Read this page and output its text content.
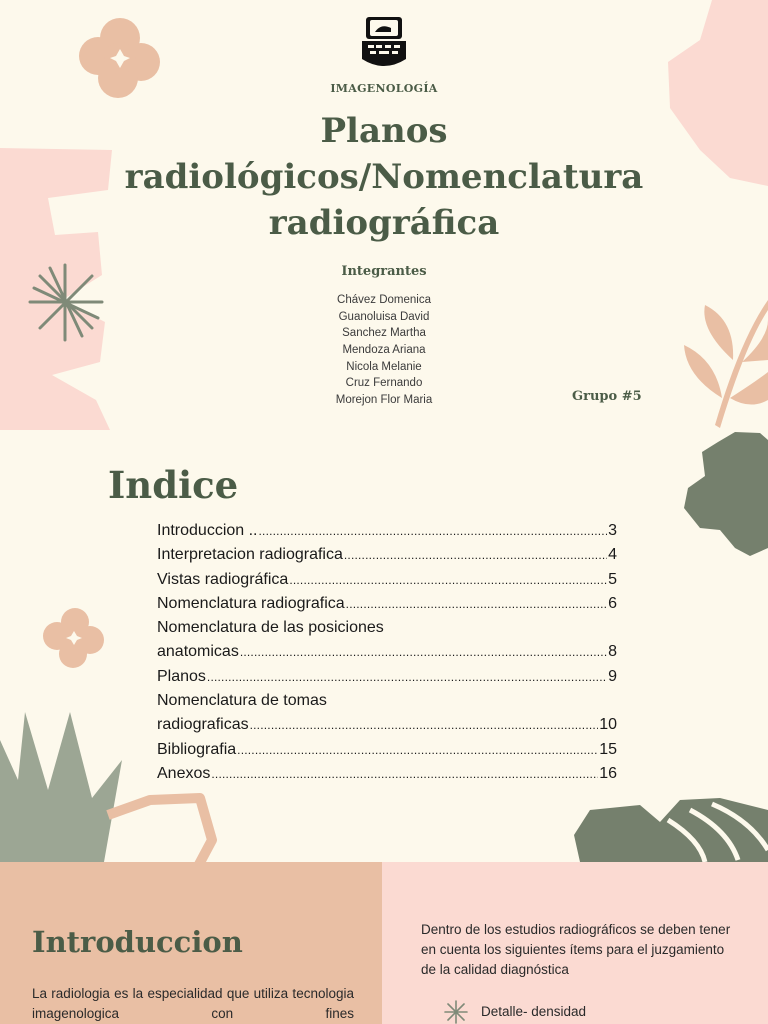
IMAGENOLOGÍA
Planos radiológicos/Nomenclatura radiográfica
Integrantes
Chávez Domenica
Guanoluisa David
Sanchez Martha
Mendoza Ariana
Nicola Melanie
Cruz Fernando
Morejon Flor Maria	Grupo #5
Indice
Introduccion .. .....	3
Interpretacion radiografica .....	4
Vistas radiográfica .....	5
Nomenclatura radiografica .....	6
Nomenclatura de las posiciones
anatomicas .....	8
Planos .....	9
Nomenclatura de tomas
radiograficas .....	10
Bibliografia .....	15
Anexos .....	16
Introduccion
La radiologia es la especialidad que utiliza tecnologia imagenologica con fines
Dentro de los estudios radiográficos se deben tener en cuenta los siguientes ítems para el juzgamiento de la calidad diagnóstica
Detalle- densidad
